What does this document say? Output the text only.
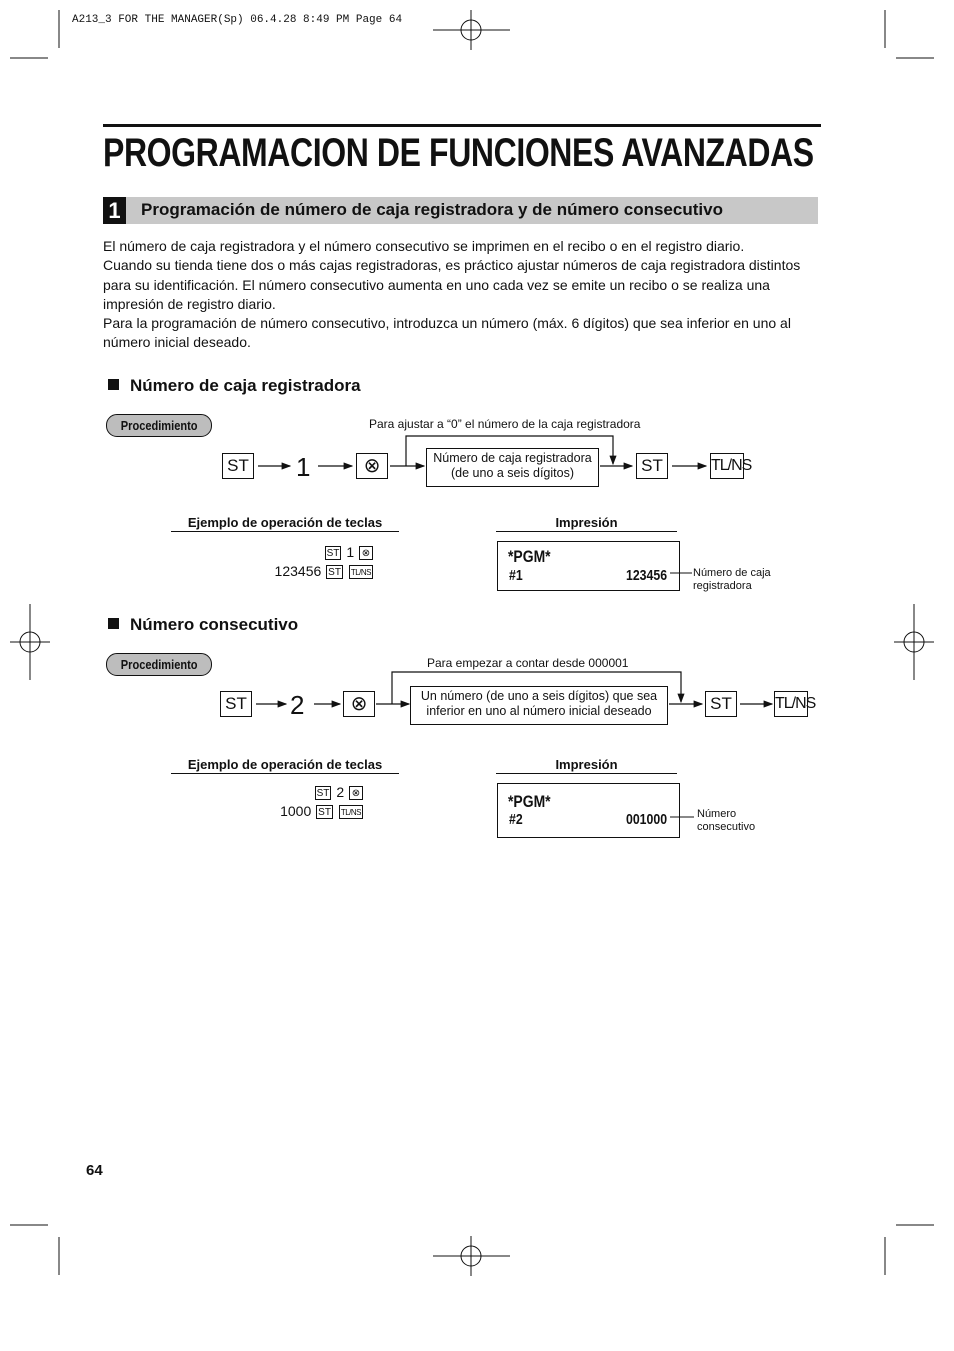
A213_3 FOR THE MANAGER(Sp) 06.4.28 8:49 PM Page 64
PROGRAMACION DE FUNCIONES AVANZADAS
1	Programación de número de caja registradora y de número consecutivo

El número de caja registradora y el número consecutivo se imprimen en el recibo o en el registro diario.

Cuando su tienda tiene dos o más cajas registradoras, es práctico ajustar números de caja registradora distintos para su identificación. El número consecutivo aumenta en uno cada vez se emite un recibo o se realiza una impresión de registro diario.

Para la programación de número consecutivo, introduzca un número (máx. 6 dígitos) que sea inferior en uno al número inicial deseado.

Número de caja registradora
Procedimiento	Para ajustar a “0” el número de la caja registradora
ST 1	⊗	Número de caja registradora
(de uno a seis dígitos)	ST	TL/NS
Ejemplo de operación de teclas	Impresión
ST 1 ⊗
123456 ST TL/NS
*PGM*
#1	123456 Número de caja
registradora
Número consecutivo
Procedimiento	Para empezar a contar desde 000001
ST 2	⊗	Un número (de uno a seis dígitos) que sea
inferior en uno al número inicial deseado	ST	TL/NS
Ejemplo de operación de teclas	Impresión
ST 2 ⊗
1000 ST TL/NS
*PGM*
#2	001000	Número
consecutivo
64
